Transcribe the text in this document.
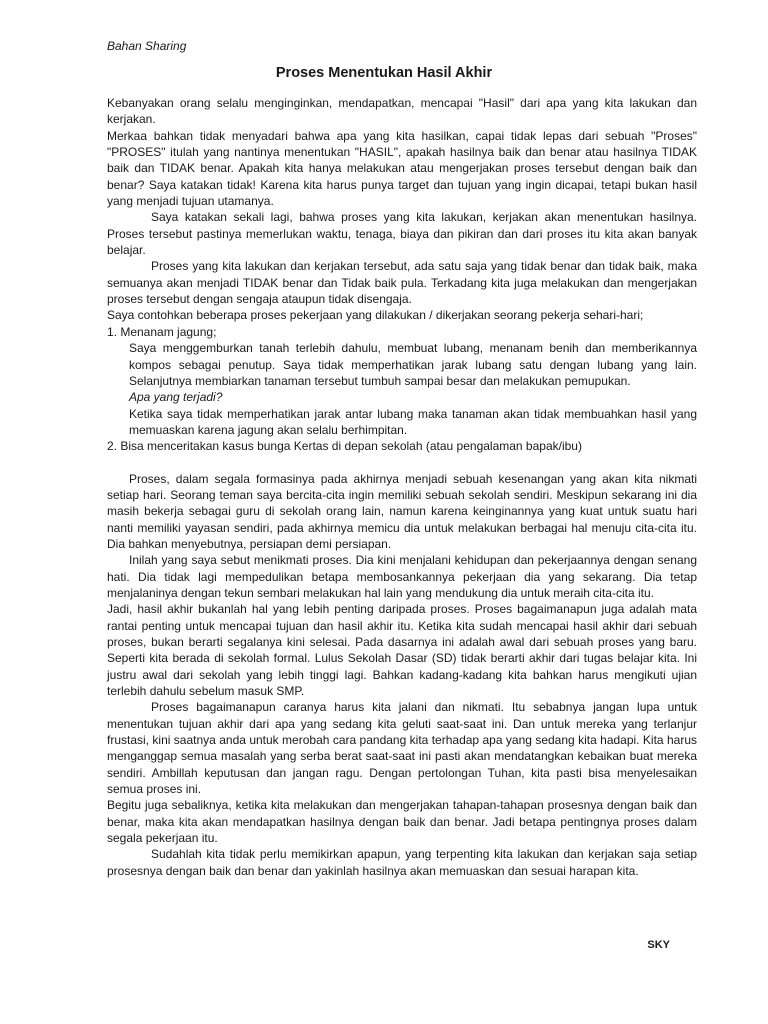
Bahan Sharing
Proses Menentukan Hasil Akhir

Kebanyakan orang selalu menginginkan, mendapatkan, mencapai "Hasil" dari apa yang kita lakukan dan kerjakan.

Merkaa bahkan tidak menyadari bahwa apa yang kita hasilkan, capai tidak lepas dari sebuah "Proses" "PROSES" itulah yang nantinya menentukan "HASIL", apakah hasilnya baik dan benar atau hasilnya TIDAK baik dan TIDAK benar. Apakah kita hanya melakukan atau mengerjakan proses tersebut dengan baik dan benar? Saya katakan tidak! Karena kita harus punya target dan tujuan yang ingin dicapai, tetapi bukan hasil yang menjadi tujuan utamanya.

Saya katakan sekali lagi, bahwa proses yang kita lakukan, kerjakan akan menentukan hasilnya. Proses tersebut pastinya memerlukan waktu, tenaga, biaya dan pikiran dan dari proses itu kita akan banyak belajar.

Proses yang kita lakukan dan kerjakan tersebut, ada satu saja yang tidak benar dan tidak baik, maka semuanya akan menjadi TIDAK benar dan Tidak baik pula. Terkadang kita juga melakukan dan mengerjakan proses tersebut dengan sengaja ataupun tidak disengaja.

Saya contohkan beberapa proses pekerjaan yang dilakukan / dikerjakan seorang pekerja sehari-hari;

1. Menanam jagung;

Saya menggemburkan tanah terlebih dahulu, membuat lubang, menanam benih dan memberikannya kompos sebagai penutup. Saya tidak memperhatikan jarak lubang satu dengan lubang yang lain. Selanjutnya membiarkan tanaman tersebut tumbuh sampai besar dan melakukan pemupukan.

Apa yang terjadi?

Ketika saya tidak memperhatikan jarak antar lubang maka tanaman akan tidak membuahkan hasil yang memuaskan karena jagung akan selalu berhimpitan.

2. Bisa menceritakan kasus bunga Kertas di depan sekolah (atau pengalaman bapak/ibu)

Proses, dalam segala formasinya pada akhirnya menjadi sebuah kesenangan yang akan kita nikmati setiap hari. Seorang teman saya bercita-cita ingin memiliki sebuah sekolah sendiri. Meskipun sekarang ini dia masih bekerja sebagai guru di sekolah orang lain, namun karena keinginannya yang kuat untuk suatu hari nanti memiliki yayasan sendiri, pada akhirnya memicu dia untuk melakukan berbagai hal menuju cita-cita itu. Dia bahkan menyebutnya, persiapan demi persiapan.

Inilah yang saya sebut menikmati proses. Dia kini menjalani kehidupan dan pekerjaannya dengan senang hati. Dia tidak lagi mempedulikan betapa membosankannya pekerjaan dia yang sekarang. Dia tetap menjalaninya dengan tekun sembari melakukan hal lain yang mendukung dia untuk meraih cita-cita itu.

Jadi, hasil akhir bukanlah hal yang lebih penting daripada proses. Proses bagaimanapun juga adalah mata rantai penting untuk mencapai tujuan dan hasil akhir itu. Ketika kita sudah mencapai hasil akhir dari sebuah proses, bukan berarti segalanya kini selesai. Pada dasarnya ini adalah awal dari sebuah proses yang baru. Seperti kita berada di sekolah formal. Lulus Sekolah Dasar (SD) tidak berarti akhir dari tugas belajar kita. Ini justru awal dari sekolah yang lebih tinggi lagi. Bahkan kadang-kadang kita bahkan harus mengikuti ujian terlebih dahulu sebelum masuk SMP.

Proses bagaimanapun caranya harus kita jalani dan nikmati. Itu sebabnya jangan lupa untuk menentukan tujuan akhir dari apa yang sedang kita geluti saat-saat ini. Dan untuk mereka yang terlanjur frustasi, kini saatnya anda untuk merobah cara pandang kita terhadap apa yang sedang kita hadapi. Kita harus menganggap semua masalah yang serba berat saat-saat ini pasti akan mendatangkan kebaikan buat mereka sendiri. Ambillah keputusan dan jangan ragu. Dengan pertolongan Tuhan, kita pasti bisa menyelesaikan semua proses ini.

Begitu juga sebaliknya, ketika kita melakukan dan mengerjakan tahapan-tahapan prosesnya dengan baik dan benar, maka kita akan mendapatkan hasilnya dengan baik dan benar. Jadi betapa pentingnya proses dalam segala pekerjaan itu.

Sudahlah kita tidak perlu memikirkan apapun, yang terpenting kita lakukan dan kerjakan saja setiap prosesnya dengan baik dan benar dan yakinlah hasilnya akan memuaskan dan sesuai harapan kita.

SKY
